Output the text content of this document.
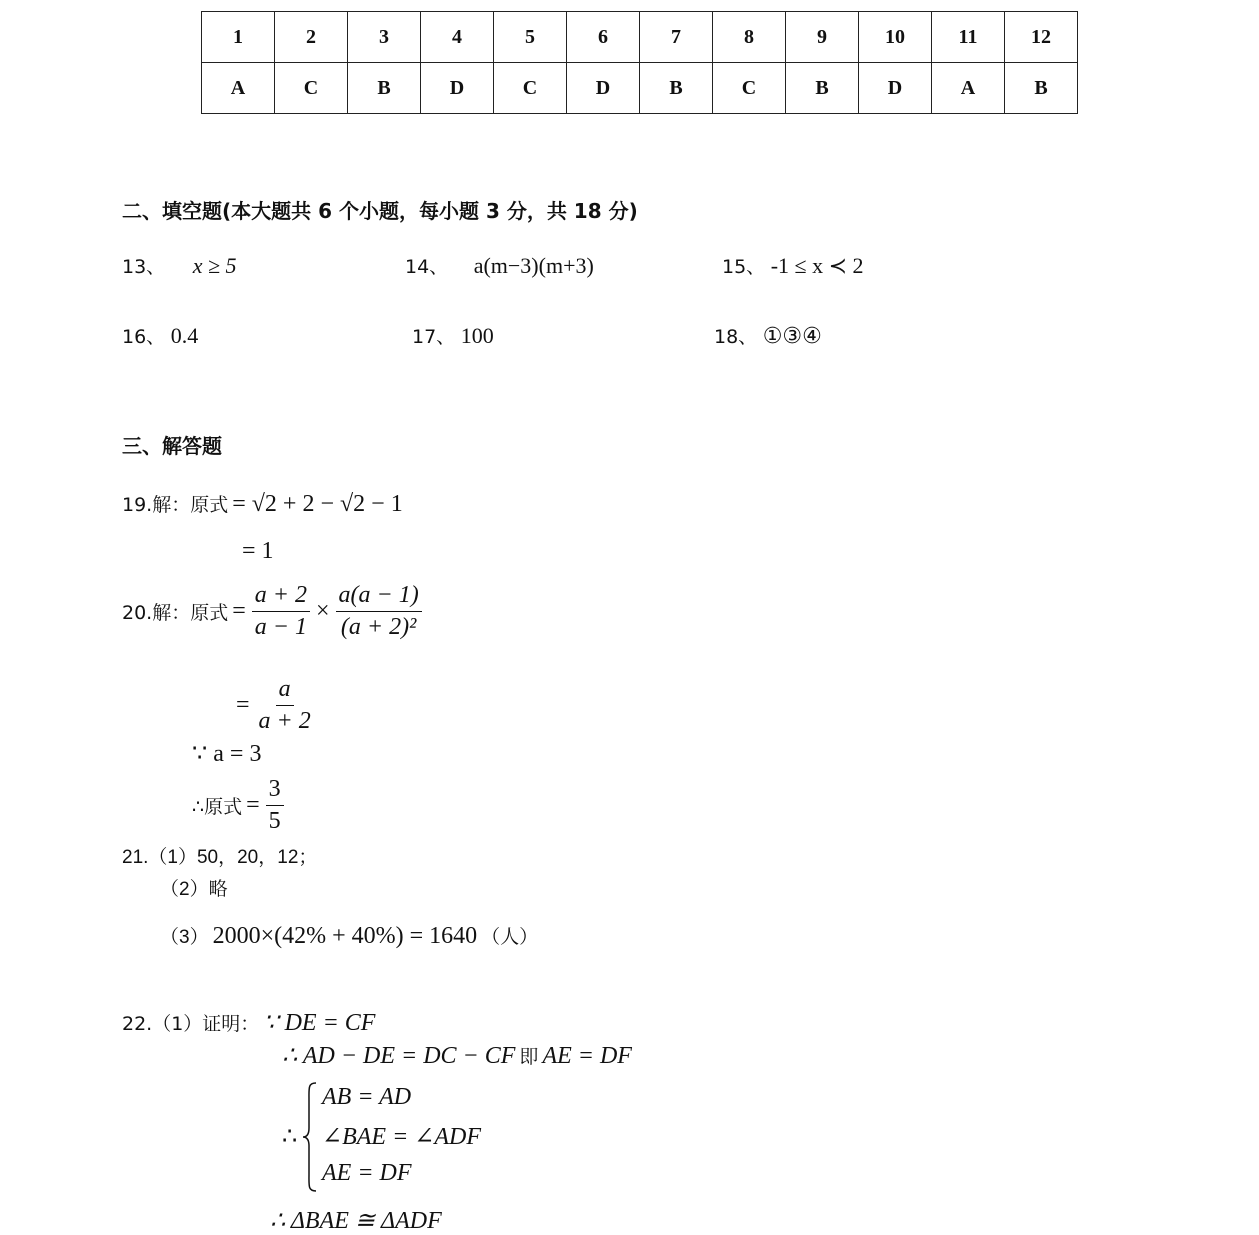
1	2	3	4	5	6	7	8	9	10	11	12
A	C	B	D	C	D	B	C	B	D	A	B
二、填空题(本大题共 6 个小题，每小题 3 分，共 18 分)
13、 x ≥ 5	14、 a(m−3)(m+3)	15、 -1 ≤ x ≺ 2
16、 0.4	17、 100	18、 ①③④
三、解答题
19.解：原式 = √2 + 2 − √2 − 1
= 1
20.解：原式 = $\frac{a + 2}{a - 1} \times \frac{a(a - 1)}{\text{(a + 2)²}}$
= $\frac{a}{a + 2}$
∵ a = 3
∴原式 = $\frac{3}{5}$
21.（1）50，20，12；
（2）略
（3） 2000×(42% + 40%) = 1640 （人）
22.（1）证明： ∵ DE = CF
∴ AD − DE = DC − CF 即 AE = DF
∴
AB = AD
∠BAE = ∠ADF
AE = DF
∴ ΔBAE ≅ ΔADF
